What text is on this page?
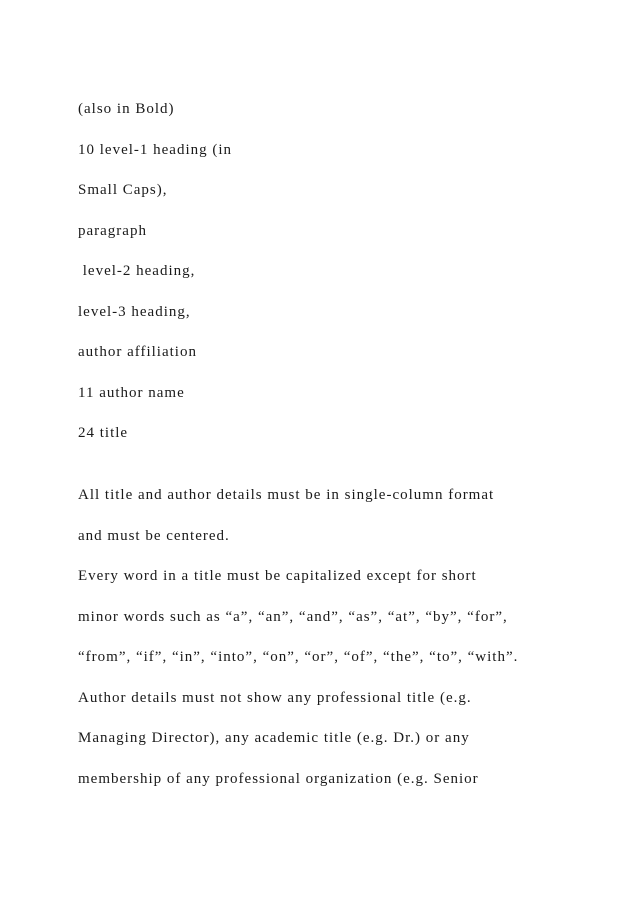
(also in Bold)
10 level-1 heading (in
Small Caps),
paragraph
level-2 heading,
level-3 heading,
author affiliation
11 author name
24 title
All title and author details must be in single-column format
and must be centered.
Every word in a title must be capitalized except for short
minor words such as “a”, “an”, “and”, “as”, “at”, “by”, “for”,
“from”, “if”, “in”, “into”, “on”, “or”, “of”, “the”, “to”, “with”.
Author details must not show any professional title (e.g.
Managing Director), any academic title (e.g. Dr.) or any
membership of any professional organization (e.g. Senior
